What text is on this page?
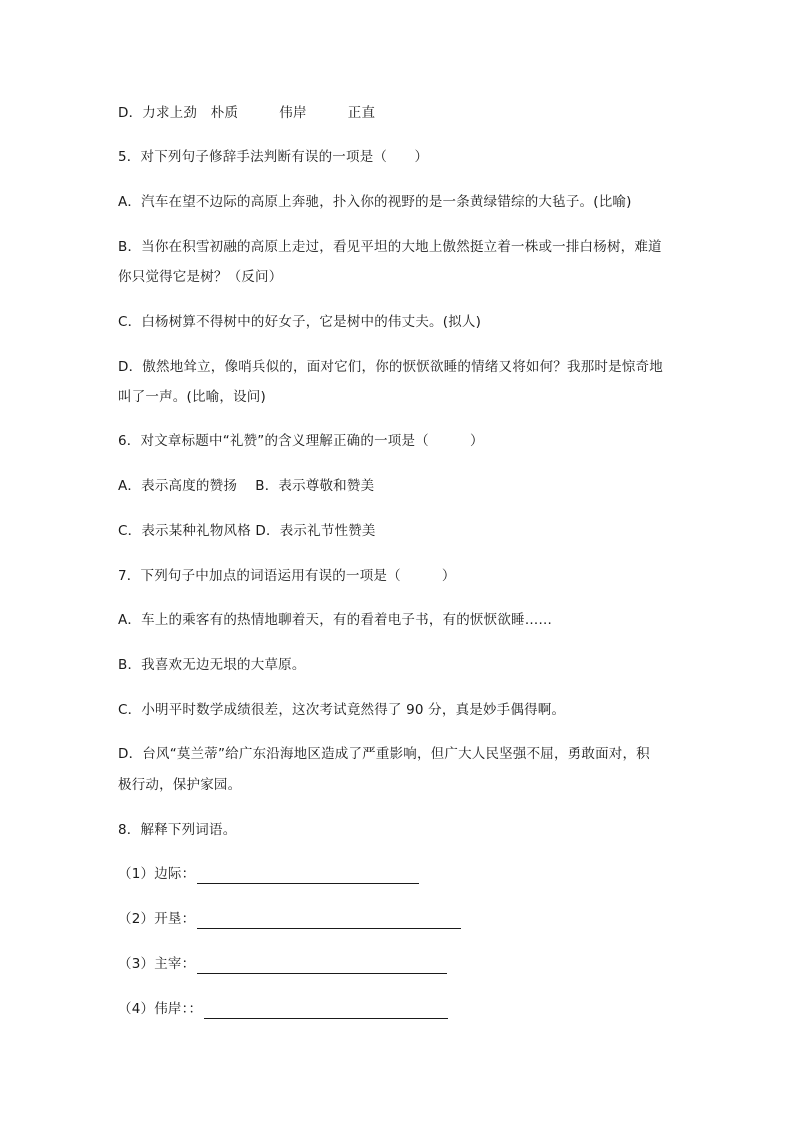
D．力求上劲　朴质　　　伟岸　　　正直
5．对下列句子修辞手法判断有误的一项是（　　）
A．汽车在望不边际的高原上奔驰，扑入你的视野的是一条黄绿错综的大毡子。(比喻)
B．当你在积雪初融的高原上走过，看见平坦的大地上傲然挺立着一株或一排白杨树，难道
你只觉得它是树？（反问）
C．白杨树算不得树中的好女子，它是树中的伟丈夫。(拟人)
D．傲然地耸立，像哨兵似的，面对它们，你的恹恹欲睡的情绪又将如何？我那时是惊奇地
叫了一声。(比喻，设问)
6．对文章标题中“礼赞”的含义理解正确的一项是（　　　）
A．表示高度的赞扬　 B．表示尊敬和赞美
C．表示某种礼物风格 D．表示礼节性赞美
7．下列句子中加点的词语运用有误的一项是（　　　）
A．车上的乘客有的热情地聊着天，有的看着电子书，有的恹恹欲睡……
B．我喜欢无边无垠的大草原。
C．小明平时数学成绩很差，这次考试竟然得了 90 分，真是妙手偶得啊。
D．台风“莫兰蒂”给广东沿海地区造成了严重影响，但广大人民坚强不屈，勇敢面对，积
极行动，保护家园。
8．解释下列词语。
（1）边际：
（2）开垦：
（3）主宰：
（4）伟岸：：
